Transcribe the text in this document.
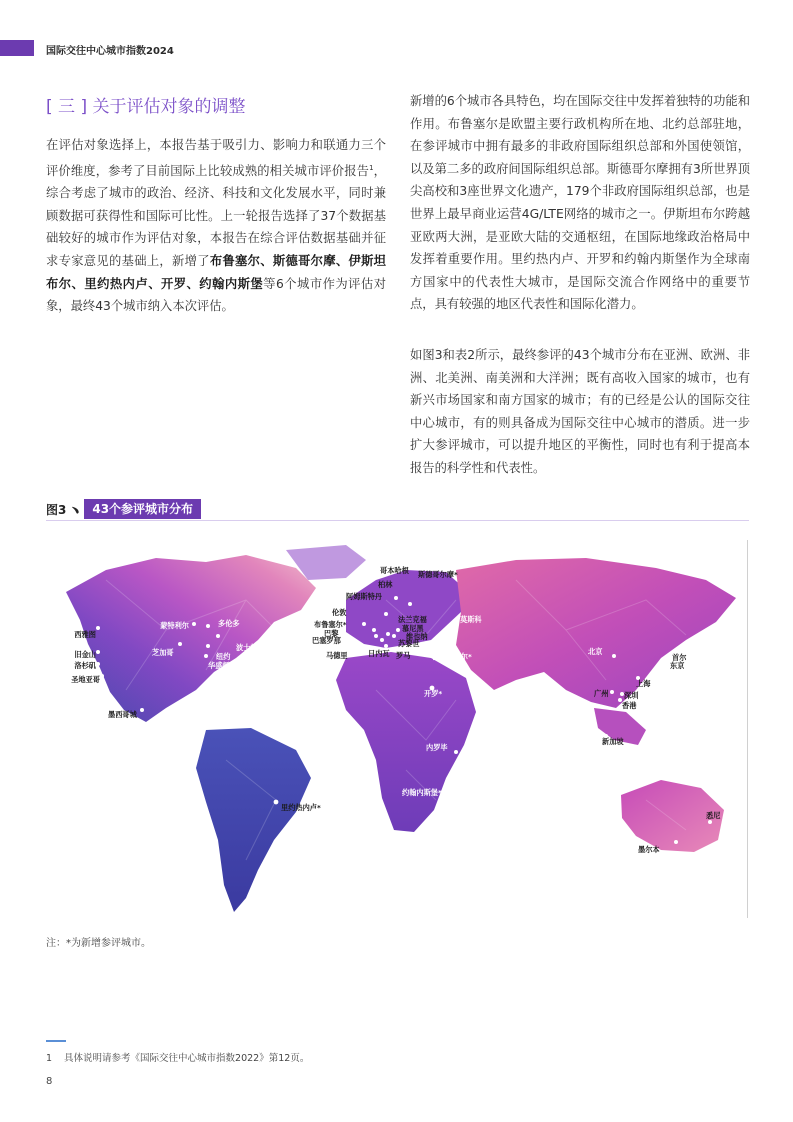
国际交往中心城市指数2024
[ 三 ] 关于评估对象的调整
在评估对象选择上，本报告基于吸引力、影响力和联通力三个评价维度，参考了目前国际上比较成熟的相关城市评价报告$^1$，综合考虑了城市的政治、经济、科技和文化发展水平，同时兼顾数据可获得性和国际可比性。上一轮报告选择了37个数据基础较好的城市作为评估对象，本报告在综合评估数据基础并征求专家意见的基础上，新增了布鲁塞尔、斯德哥尔摩、伊斯坦布尔、里约热内卢、开罗、约翰内斯堡等6个城市作为评估对象，最终43个城市纳入本次评估。
新增的6个城市各具特色，均在国际交往中发挥着独特的功能和作用。布鲁塞尔是欧盟主要行政机构所在地、北约总部驻地，在参评城市中拥有最多的非政府国际组织总部和外国使领馆，以及第二多的政府间国际组织总部。斯德哥尔摩拥有3所世界顶尖高校和3座世界文化遗产，179个非政府国际组织总部，也是世界上最早商业运营4G/LTE网络的城市之一。伊斯坦布尔跨越亚欧两大洲，是亚欧大陆的交通枢纽，在国际地缘政治格局中发挥着重要作用。里约热内卢、开罗和约翰内斯堡作为全球南方国家中的代表性大城市，是国际交流合作网络中的重要节点，具有较强的地区代表性和国际化潜力。
如图3和表2所示，最终参评的43个城市分布在亚洲、欧洲、非洲、北美洲、南美洲和大洋洲；既有高收入国家的城市，也有新兴市场国家和南方国家的城市；有的已经是公认的国际交往中心城市，有的则具备成为国际交往中心城市的潜质。进一步扩大参评城市，可以提升地区的平衡性，同时也有利于提高本报告的科学性和代表性。
图3 ﹅	43个参评城市分布
西雅图
旧金山
洛杉矶
圣地亚哥
蒙特利尔	多伦多
波士顿
芝加哥	纽约
华盛顿
墨西哥城
里约热内卢*
哥本哈根 斯德哥尔摩*
柏林
阿姆斯特丹
伦敦
布鲁塞尔*
巴黎
法兰克福
慕尼黑
维也纳
巴塞罗那
日内瓦
马德里	罗马
苏黎世
莫斯科
伊斯坦布尔*
开罗*
迪拜
内罗毕
约翰内斯堡*
北京
首尔
东京
上海
广州 深圳
香港
新加坡
悉尼
墨尔本
注：*为新增参评城市。
1 具体说明请参考《国际交往中心城市指数2022》第12页。
8
